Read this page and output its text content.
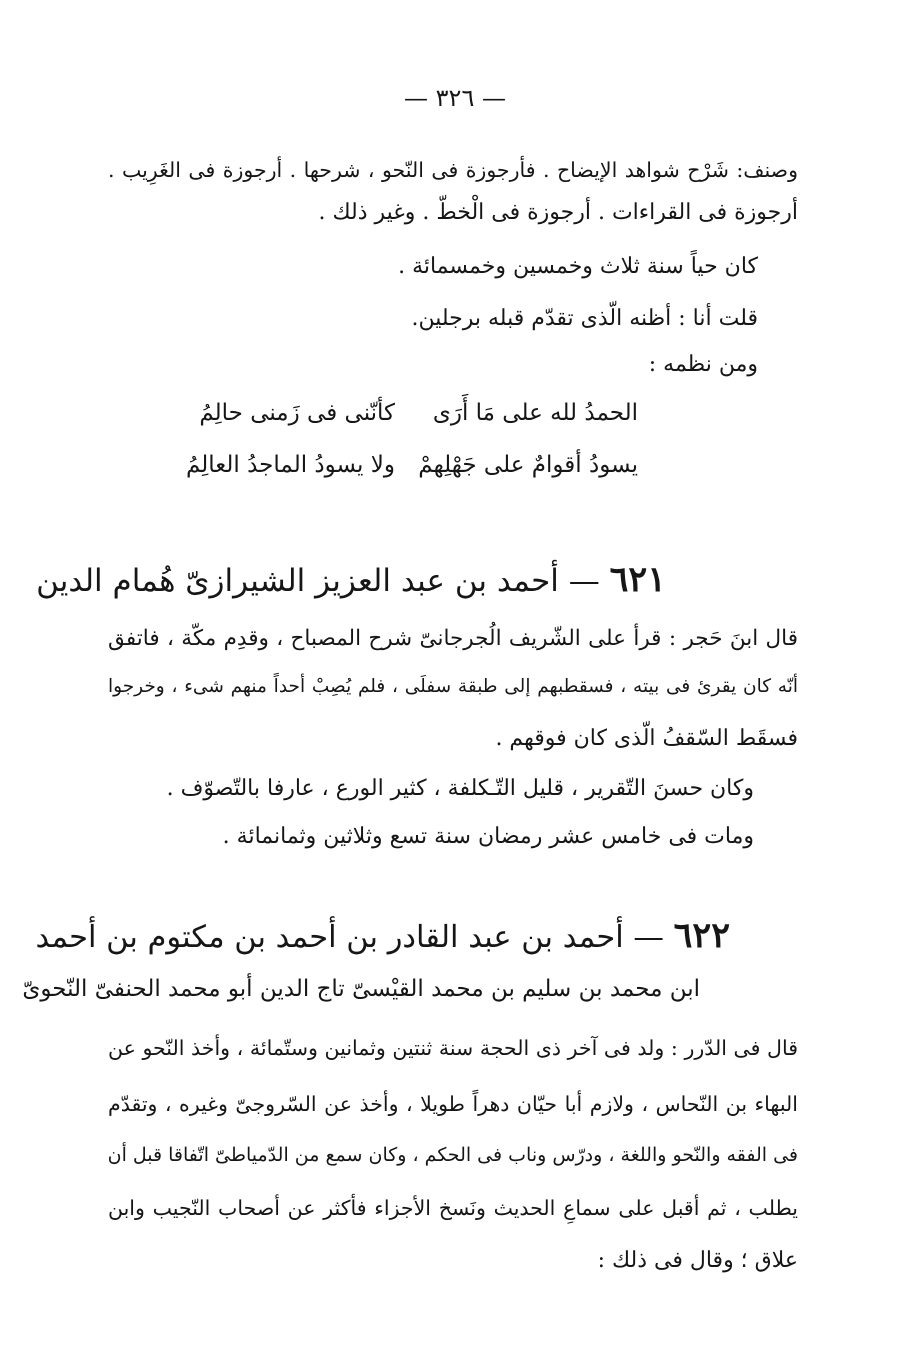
— ٣٢٦ —
وصنف: شَرْح شواهد الإيضاح . فأرجوزة فى النّحو ، شرحها . أرجوزة فى الغَرِيب .
أرجوزة فى القراءات . أرجوزة فى الْخطّ . وغير ذلك .
كان حياً سنة ثلاث وخمسين وخمسمائة .
قلت أنا : أظنه الّذى تقدّم قبله برجلين.
ومن نظمه :
الحمدُ لله على مَا أَرَى
كأنّنى فى زَمنى حالِمُ
يسودُ أقوامٌ على جَهْلِهمْ
ولا يسودُ الماجدُ العالِمُ
٦٢١ — أحمد بن عبد العزيز الشيرازىّ هُمام الدين
قال ابنَ حَجر : قرأ على الشّريف الُجرجانىّ شرح المصباح ، وقدِم مكّة ، فاتفق
أنّه كان يقرئ فى بيته ، فسقطبهم إلى طبقة سفلَى ، فلم يُصِبْ أحداً منهم شىء ، وخرجوا
فسقَط السّقفُ الّذى كان فوقهم .
وكان حسنَ التّقرير ، قليل التّـكلفة ، كثير الورع ، عارفا بالتّصوّف .
ومات فى خامس عشر رمضان سنة تسع وثلاثين وثمانمائة .
٦٢٢ — أحمد بن عبد القادر بن أحمد بن مكتوم بن أحمد
ابن محمد بن سليم بن محمد القيْسىّ تاج الدين أبو محمد الحنفىّ النّحوىّ
قال فى الدّرر : ولد فى آخر ذى الحجة سنة ثنتين وثمانين وستّمائة ، وأخذ النّحو عن
البهاء بن النّحاس ، ولازم أبا حيّان دهراً طويلا ، وأخذ عن السّروجىّ وغيره ، وتقدّم
فى الفقه والنّحو واللغة ، ودرّس وناب فى الحكم ، وكان سمع من الدّمياطىّ اتّفاقا قبل أن
يطلب ، ثم أقبل على سماعِ الحديث ونَسخ الأجزاء فأكثر عن أصحاب النّجيب وابن
علاق ؛ وقال فى ذلك :
